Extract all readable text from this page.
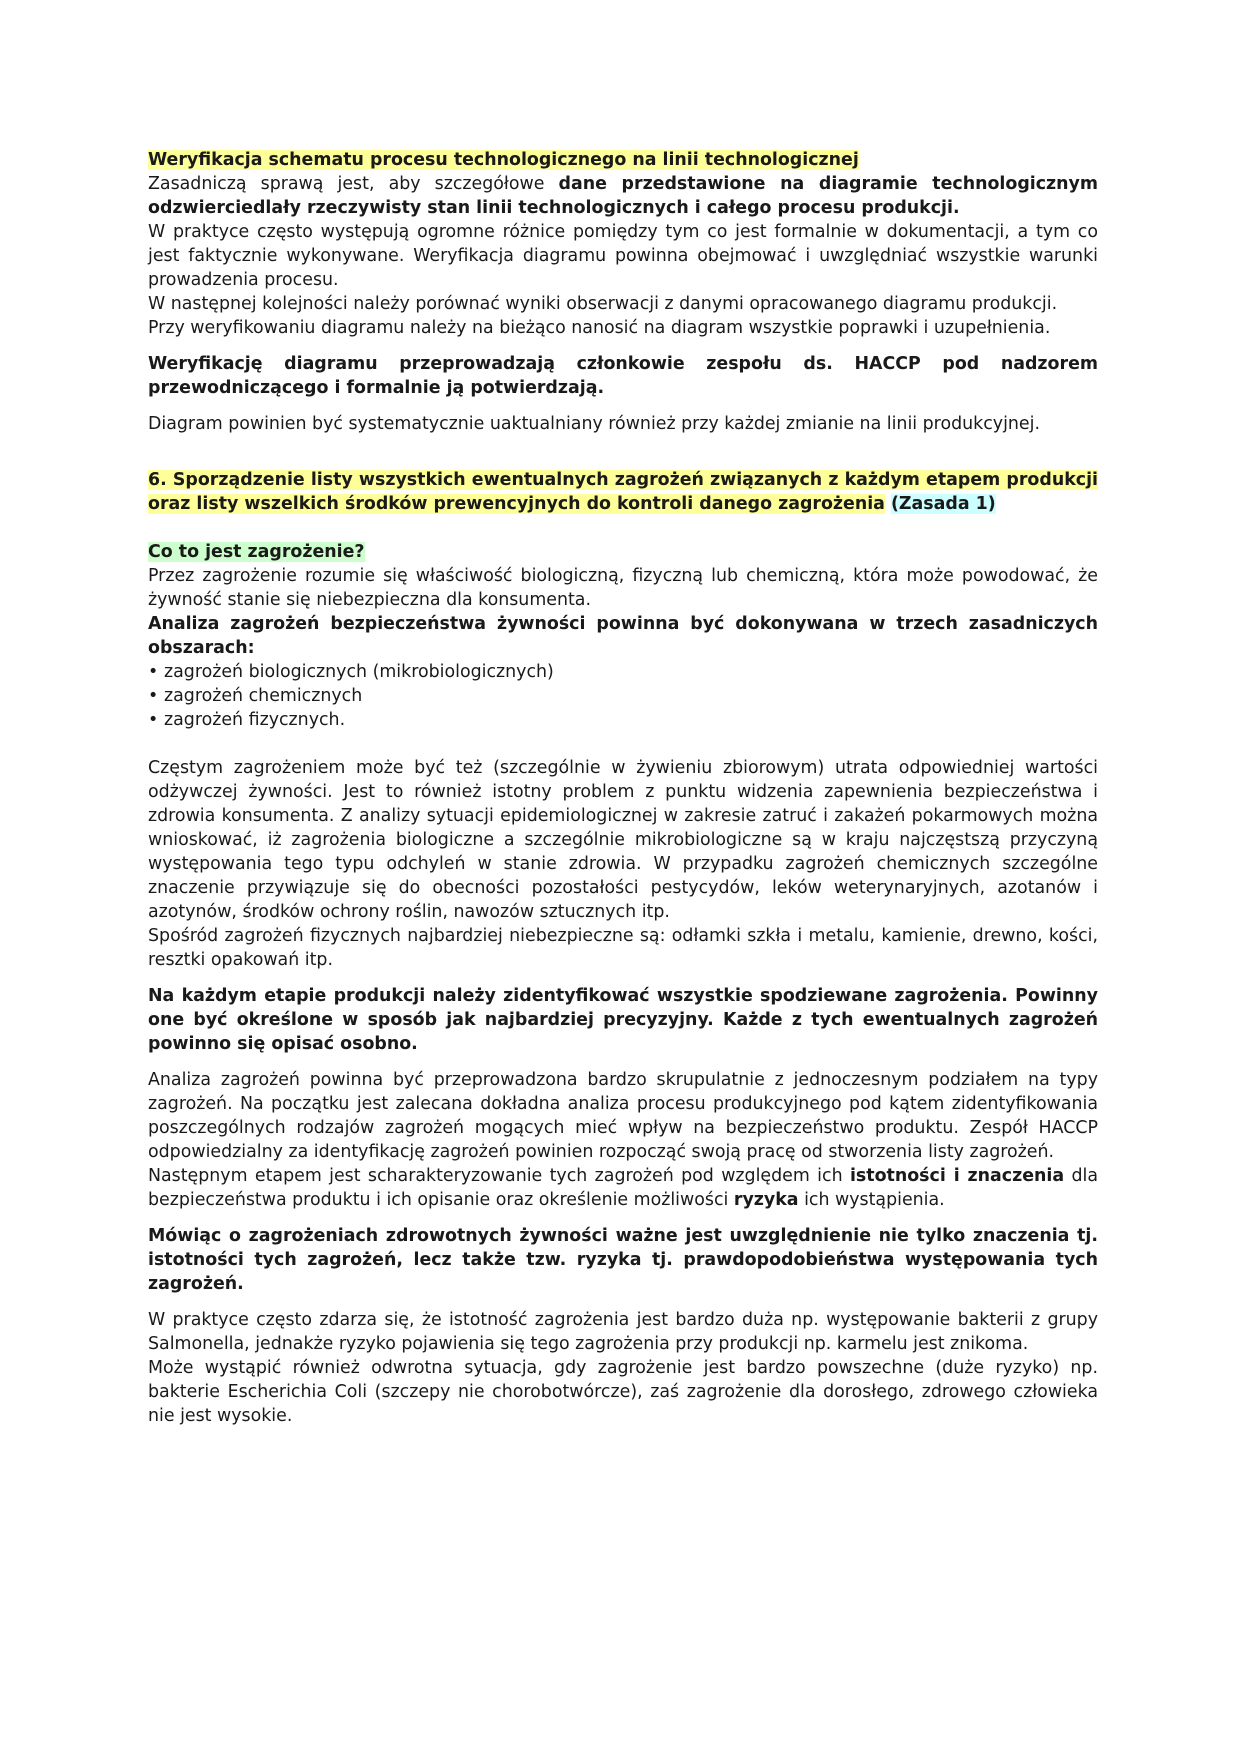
Weryfikacja schematu procesu technologicznego na linii technologicznej

Zasadniczą sprawą jest, aby szczegółowe dane przedstawione na diagramie technologicznym odzwierciedlały rzeczywisty stan linii technologicznych i całego procesu produkcji.

W praktyce często występują ogromne różnice pomiędzy tym co jest formalnie w dokumentacji, a tym co jest faktycznie wykonywane. Weryfikacja diagramu powinna obejmować i uwzględniać wszystkie warunki prowadzenia procesu.

W następnej kolejności należy porównać wyniki obserwacji z danymi opracowanego diagramu produkcji.

Przy weryfikowaniu diagramu należy na bieżąco nanosić na diagram wszystkie poprawki i uzupełnienia.

Weryfikację diagramu przeprowadzają członkowie zespołu ds. HACCP pod nadzorem przewodniczącego i formalnie ją potwierdzają.

Diagram powinien być systematycznie uaktualniany również przy każdej zmianie na linii produkcyjnej.

6. Sporządzenie listy wszystkich ewentualnych zagrożeń związanych z każdym etapem produkcji oraz listy wszelkich środków prewencyjnych do kontroli danego zagrożenia (Zasada 1)

Co to jest zagrożenie?

Przez zagrożenie rozumie się właściwość biologiczną, fizyczną lub chemiczną, która może powodować, że żywność stanie się niebezpieczna dla konsumenta.

Analiza zagrożeń bezpieczeństwa żywności powinna być dokonywana w trzech zasadniczych obszarach:

• zagrożeń biologicznych (mikrobiologicznych)
• zagrożeń chemicznych
• zagrożeń fizycznych.

Częstym zagrożeniem może być też (szczególnie w żywieniu zbiorowym) utrata odpowiedniej wartości odżywczej żywności. Jest to również istotny problem z punktu widzenia zapewnienia bezpieczeństwa i zdrowia konsumenta. Z analizy sytuacji epidemiologicznej w zakresie zatruć i zakażeń pokarmowych można wnioskować, iż zagrożenia biologiczne a szczególnie mikrobiologiczne są w kraju najczęstszą przyczyną występowania tego typu odchyleń w stanie zdrowia. W przypadku zagrożeń chemicznych szczególne znaczenie przywiązuje się do obecności pozostałości pestycydów, leków weterynaryjnych, azotanów i azotynów, środków ochrony roślin, nawozów sztucznych itp.

Spośród zagrożeń fizycznych najbardziej niebezpieczne są: odłamki szkła i metalu, kamienie, drewno, kości, resztki opakowań itp.

Na każdym etapie produkcji należy zidentyfikować wszystkie spodziewane zagrożenia. Powinny one być określone w sposób jak najbardziej precyzyjny. Każde z tych ewentualnych zagrożeń powinno się opisać osobno.

Analiza zagrożeń powinna być przeprowadzona bardzo skrupulatnie z jednoczesnym podziałem na typy zagrożeń. Na początku jest zalecana dokładna analiza procesu produkcyjnego pod kątem zidentyfikowania poszczególnych rodzajów zagrożeń mogących mieć wpływ na bezpieczeństwo produktu. Zespół HACCP odpowiedzialny za identyfikację zagrożeń powinien rozpocząć swoją pracę od stworzenia listy zagrożeń.

Następnym etapem jest scharakteryzowanie tych zagrożeń pod względem ich istotności i znaczenia dla bezpieczeństwa produktu i ich opisanie oraz określenie możliwości ryzyka ich wystąpienia.

Mówiąc o zagrożeniach zdrowotnych żywności ważne jest uwzględnienie nie tylko znaczenia tj. istotności tych zagrożeń, lecz także tzw. ryzyka tj. prawdopodobieństwa występowania tych zagrożeń.

W praktyce często zdarza się, że istotność zagrożenia jest bardzo duża np. występowanie bakterii z grupy Salmonella, jednakże ryzyko pojawienia się tego zagrożenia przy produkcji np. karmelu jest znikoma.

Może wystąpić również odwrotna sytuacja, gdy zagrożenie jest bardzo powszechne (duże ryzyko) np. bakterie Escherichia Coli (szczepy nie chorobotwórcze), zaś zagrożenie dla dorosłego, zdrowego człowieka nie jest wysokie.
